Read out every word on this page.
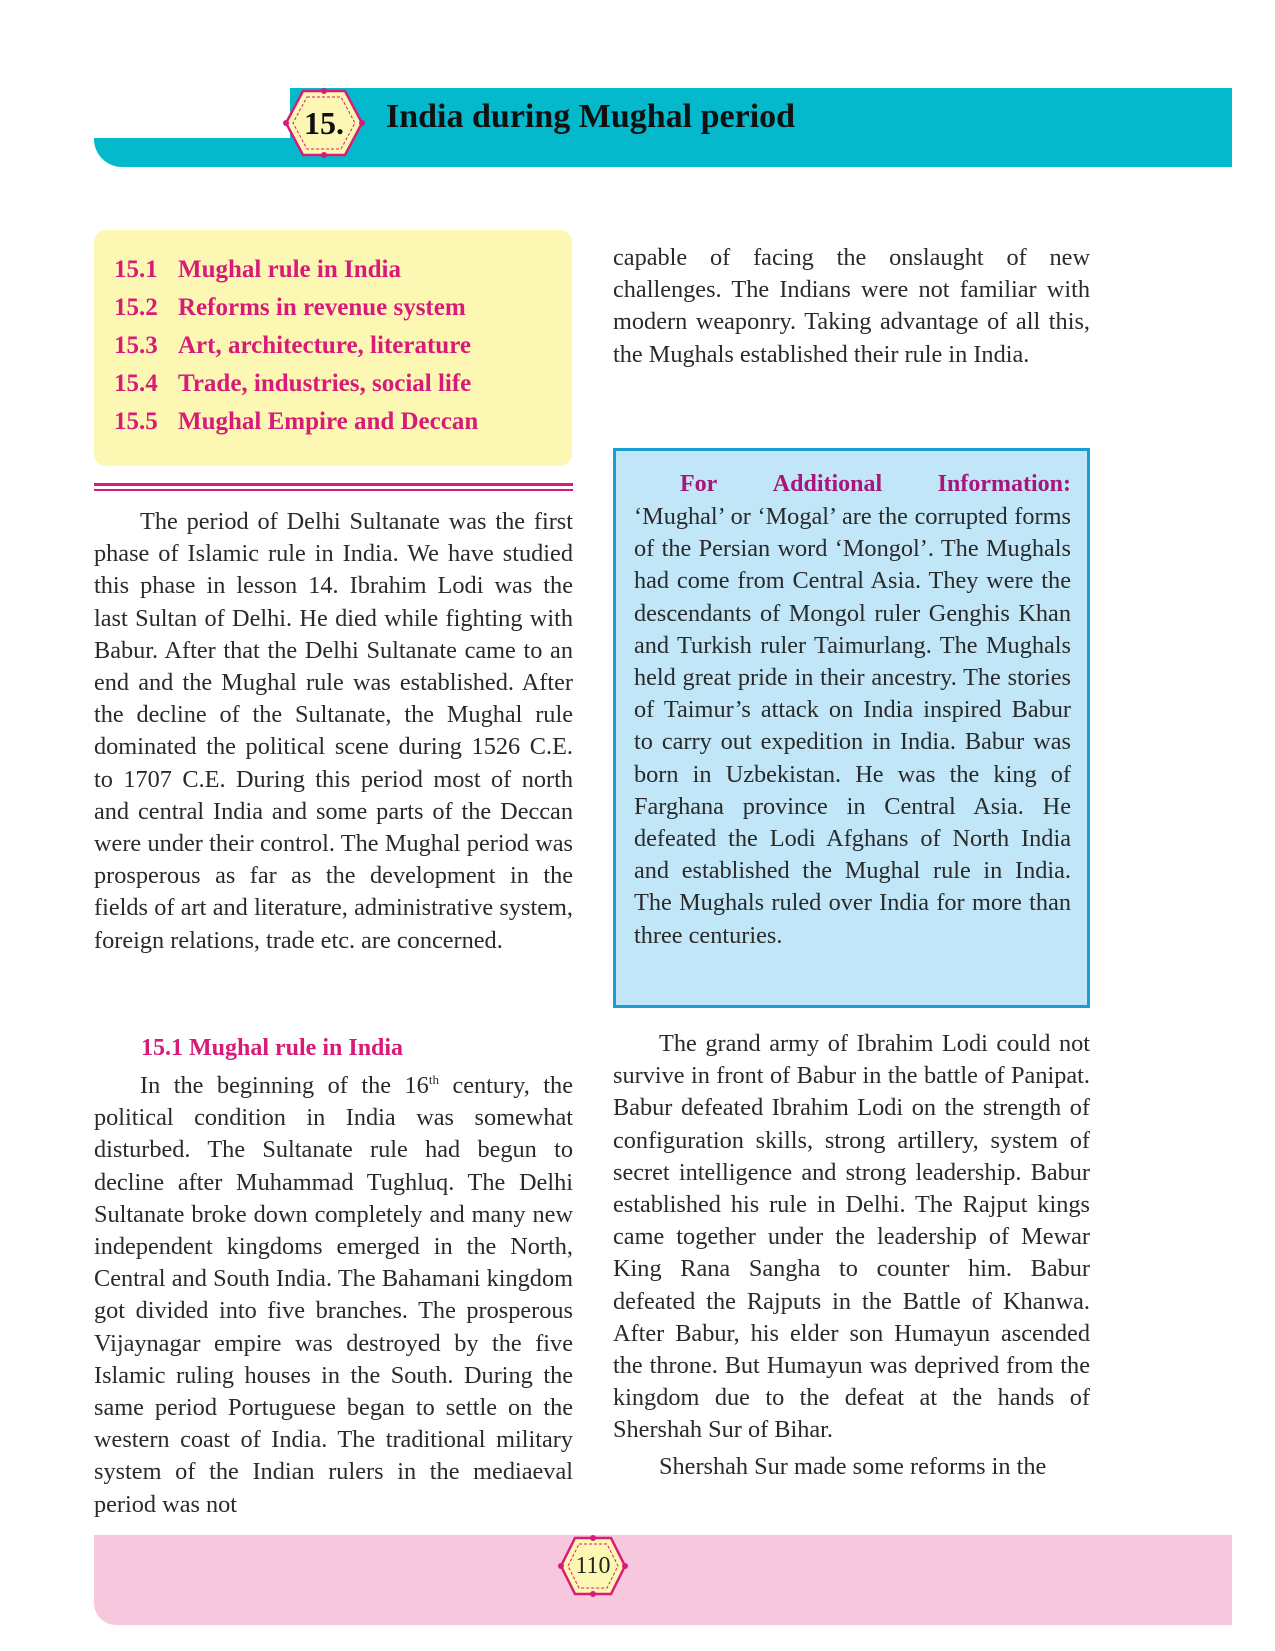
15.	India during Mughal period
15.1 Mughal rule in India
15.2 Reforms in revenue system
15.3 Art, architecture, literature
15.4 Trade, industries, social life
15.5 Mughal Empire and Deccan

The period of Delhi Sultanate was the first phase of Islamic rule in India. We have studied this phase in lesson 14. Ibrahim Lodi was the last Sultan of Delhi. He died while fighting with Babur. After that the Delhi Sultanate came to an end and the Mughal rule was established. After the decline of the Sultanate, the Mughal rule dominated the political scene during 1526 C.E. to 1707 C.E. During this period most of north and central India and some parts of the Deccan were under their control. The Mughal period was prosperous as far as the development in the fields of art and literature, administrative system, foreign relations, trade etc. are concerned.

15.1 Mughal rule in India

In the beginning of the 16th century, the political condition in India was somewhat disturbed. The Sultanate rule had begun to decline after Muhammad Tughluq. The Delhi Sultanate broke down completely and many new independent kingdoms emerged in the North, Central and South India. The Bahamani kingdom got divided into five branches. The prosperous Vijaynagar empire was destroyed by the five Islamic ruling houses in the South. During the same period Portuguese began to settle on the western coast of India. The traditional military system of the Indian rulers in the mediaeval period was not

capable of facing the onslaught of new challenges. The Indians were not familiar with modern weaponry. Taking advantage of all this, the Mughals established their rule in India.

For Additional Information:
‘Mughal’ or ‘Mogal’ are the corrupted forms of the Persian word ‘Mongol’. The Mughals had come from Central Asia. They were the descendants of Mongol ruler Genghis Khan and Turkish ruler Taimurlang. The Mughals held great pride in their ancestry. The stories of Taimur’s attack on India inspired Babur to carry out expedition in India. Babur was born in Uzbekistan. He was the king of Farghana province in Central Asia. He defeated the Lodi Afghans of North India and established the Mughal rule in India. The Mughals ruled over India for more than three centuries.

The grand army of Ibrahim Lodi could not survive in front of Babur in the battle of Panipat. Babur defeated Ibrahim Lodi on the strength of configuration skills, strong artillery, system of secret intelligence and strong leadership. Babur established his rule in Delhi. The Rajput kings came together under the leadership of Mewar King Rana Sangha to counter him. Babur defeated the Rajputs in the Battle of Khanwa. After Babur, his elder son Humayun ascended the throne. But Humayun was deprived from the kingdom due to the defeat at the hands of Shershah Sur of Bihar.

Shershah Sur made some reforms in the

110
